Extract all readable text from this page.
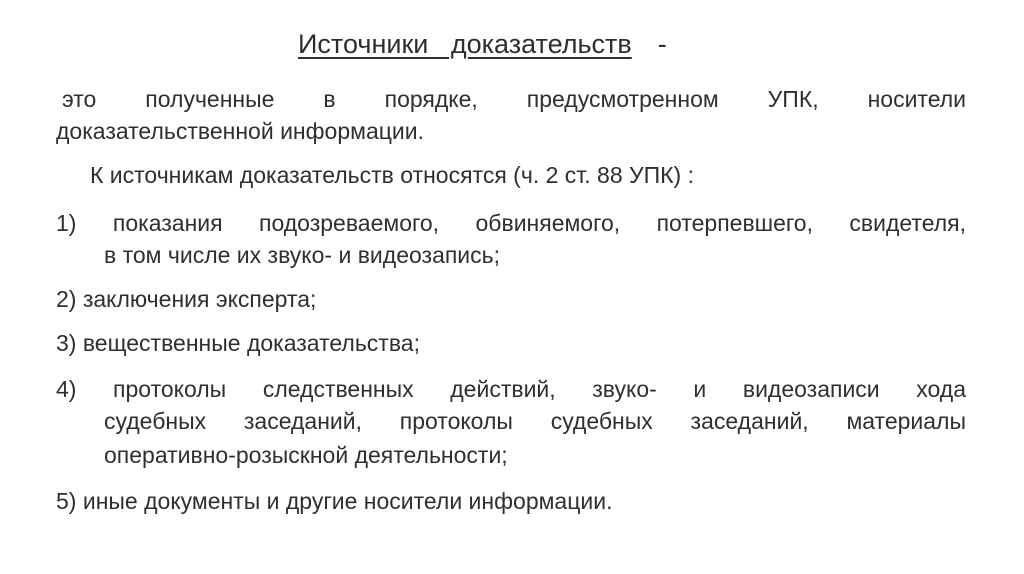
Источники   доказательств -
это полученные в порядке, предусмотренном УПК, носители
доказательственной информации.
К источникам доказательств относятся (ч. 2 ст. 88 УПК) :
1) показания подозреваемого, обвиняемого, потерпевшего, свидетеля,
в том числе их звуко- и видеозапись;
2) заключения эксперта;
3) вещественные доказательства;
4) протоколы следственных действий, звуко- и видеозаписи хода
судебных заседаний, протоколы судебных заседаний, материалы
оперативно-розыскной деятельности;
5) иные документы и другие носители информации.
